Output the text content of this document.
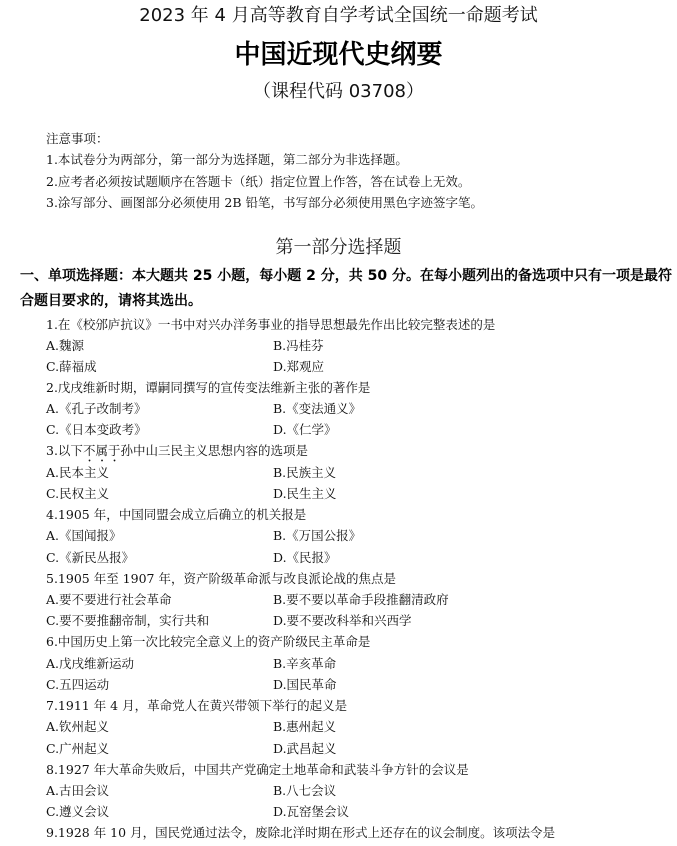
2023 年 4 月高等教育自学考试全国统一命题考试
中国近现代史纲要
（课程代码 03708）
注意事项：
1.本试卷分为两部分，第一部分为选择题，第二部分为非选择题。
2.应考者必须按试题顺序在答题卡（纸）指定位置上作答，答在试卷上无效。
3.涂写部分、画图部分必须使用 2B 铅笔，书写部分必须使用黑色字迹签字笔。
第一部分选择题
一、单项选择题：本大题共 25 小题，每小题 2 分，共 50 分。在每小题列出的备选项中只有一项是最符
合题目要求的，请将其选出。
1.在《校邠庐抗议》一书中对兴办洋务事业的指导思想最先作出比较完整表述的是
A.魏源	B.冯桂芬
C.薛福成	D.郑观应
2.戊戌维新时期，谭嗣同撰写的宣传变法维新主张的著作是
A.《孔子改制考》	B.《变法通义》
C.《日本变政考》	D.《仁学》
3.以下不属于孙中山三民主义思想内容的选项是
A.民本主义	B.民族主义
C.民权主义	D.民生主义
4.1905 年，中国同盟会成立后确立的机关报是
A.《国闻报》	B.《万国公报》
C.《新民丛报》	D.《民报》
5.1905 年至 1907 年，资产阶级革命派与改良派论战的焦点是
A.要不要进行社会革命	B.要不要以革命手段推翻清政府
C.要不要推翻帝制，实行共和	D.要不要改科举和兴西学
6.中国历史上第一次比较完全意义上的资产阶级民主革命是
A.戊戌维新运动	B.辛亥革命
C.五四运动	D.国民革命
7.1911 年 4 月，革命党人在黄兴带领下举行的起义是
A.钦州起义	B.惠州起义
C.广州起义	D.武昌起义
8.1927 年大革命失败后，中国共产党确定土地革命和武装斗争方针的会议是
A.古田会议	B.八七会议
C.遵义会议	D.瓦窑堡会议
9.1928 年 10 月，国民党通过法令，废除北洋时期在形式上还存在的议会制度。该项法令是
